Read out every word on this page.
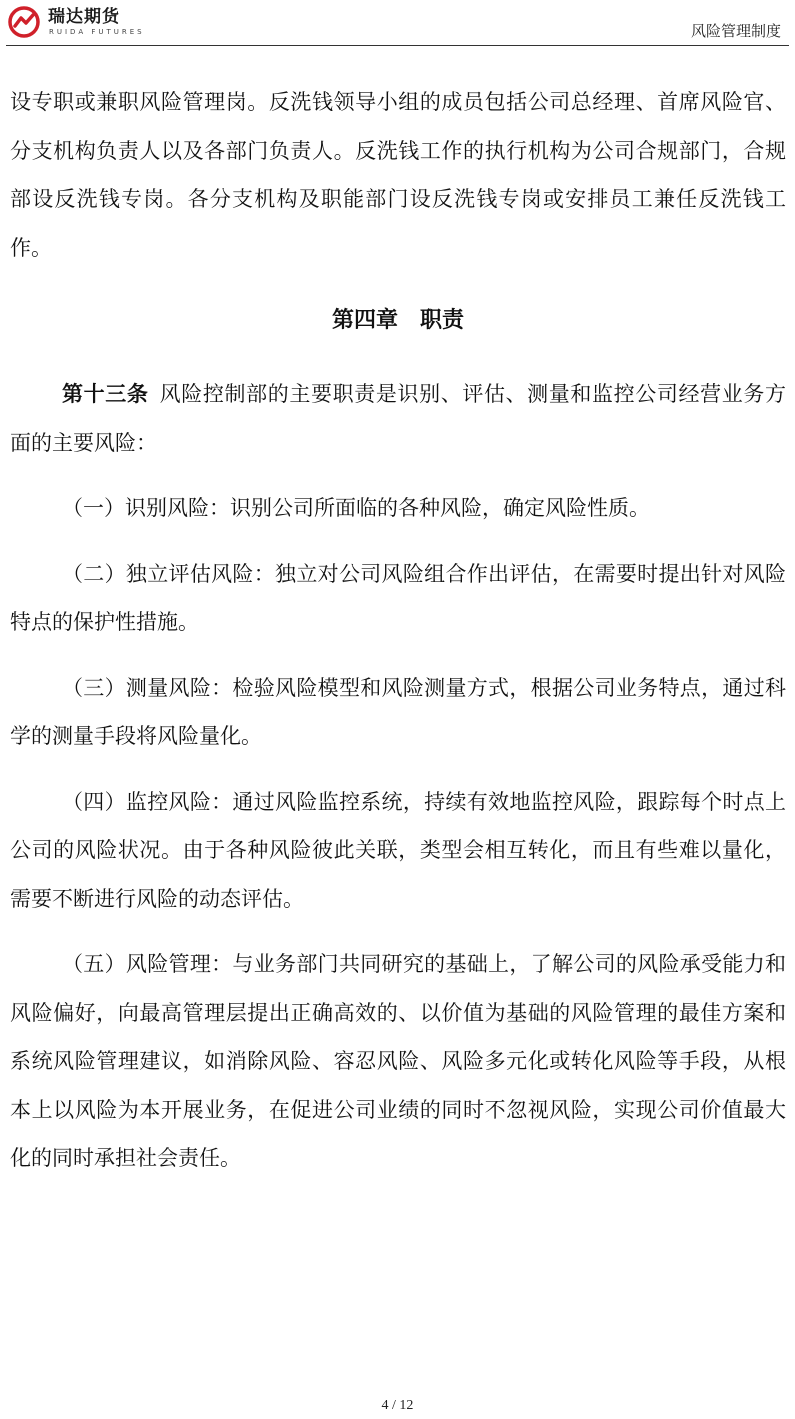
瑞达期货
RUIDA FUTURES	风险管理制度

设专职或兼职风险管理岗。反洗钱领导小组的成员包括公司总经理、首席风险官、分支机构负责人以及各部门负责人。反洗钱工作的执行机构为公司合规部门，合规部设反洗钱专岗。各分支机构及职能部门设反洗钱专岗或安排员工兼任反洗钱工作。

第四章　职责

第十三条  风险控制部的主要职责是识别、评估、测量和监控公司经营业务方面的主要风险：

（一）识别风险：识别公司所面临的各种风险，确定风险性质。

（二）独立评估风险：独立对公司风险组合作出评估，在需要时提出针对风险特点的保护性措施。

（三）测量风险：检验风险模型和风险测量方式，根据公司业务特点，通过科学的测量手段将风险量化。

（四）监控风险：通过风险监控系统，持续有效地监控风险，跟踪每个时点上公司的风险状况。由于各种风险彼此关联，类型会相互转化，而且有些难以量化，需要不断进行风险的动态评估。

（五）风险管理：与业务部门共同研究的基础上，了解公司的风险承受能力和风险偏好，向最高管理层提出正确高效的、以价值为基础的风险管理的最佳方案和系统风险管理建议，如消除风险、容忍风险、风险多元化或转化风险等手段，从根本上以风险为本开展业务，在促进公司业绩的同时不忽视风险，实现公司价值最大化的同时承担社会责任。

4 / 12
